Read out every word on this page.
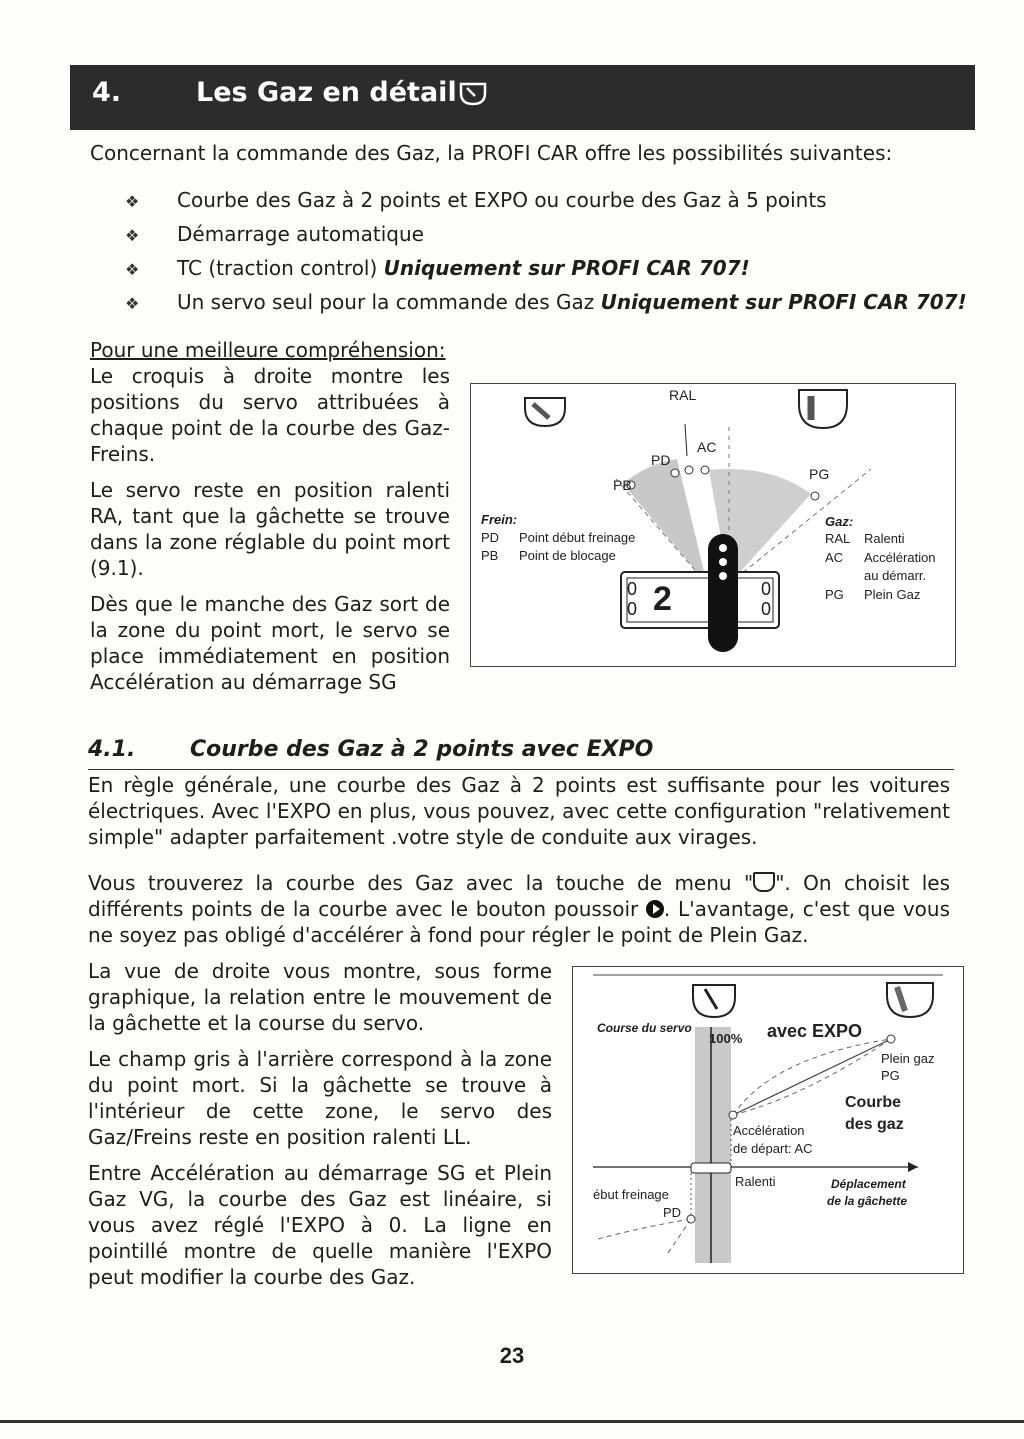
4.	Les Gaz en détail
Concernant la commande des Gaz, la PROFI CAR offre les possibilités suivantes:
❖ Courbe des Gaz à 2 points et EXPO ou courbe des Gaz à 5 points
❖ Démarrage automatique
❖ TC (traction control) Uniquement sur PROFI CAR 707!
❖ Un servo seul pour la commande des Gaz Uniquement sur PROFI CAR 707!
Pour une meilleure compréhension:
Le croquis à droite montre les positions du servo attribuées à chaque point de la courbe des Gaz-Freins.
Le servo reste en position ralenti RA, tant que la gâchette se trouve dans la zone réglable du point mort (9.1).
Dès que le manche des Gaz sort de la zone du point mort, le servo se place immédiatement en position Accélération au démarrage SG
RAL
AC
PD
PB
PG
Frein:
PD Point début freinage
PB Point de blocage
Gaz:
RAL Ralenti
AC Accélération
au démarr.
PG Plein Gaz
2
0
0
0
0
4.1. Courbe des Gaz à 2 points avec EXPO
En règle générale, une courbe des Gaz à 2 points est suffisante pour les voitures électriques. Avec l'EXPO en plus, vous pouvez, avec cette configuration "relativement simple" adapter parfaitement .votre style de conduite aux virages.
Vous trouverez la courbe des Gaz avec la touche de menu " ". On choisit les différents points de la courbe avec le bouton poussoir . L'avantage, c'est que vous ne soyez pas obligé d'accélérer à fond pour régler le point de Plein Gaz.
La vue de droite vous montre, sous forme graphique, la relation entre le mouvement de la gâchette et la course du servo.
Le champ gris à l'arrière correspond à la zone du point mort. Si la gâchette se trouve à l'intérieur de cette zone, le servo des Gaz/Freins reste en position ralenti LL.
Entre Accélération au démarrage SG et Plein Gaz VG, la courbe des Gaz est linéaire, si vous avez réglé l'EXPO à 0. La ligne en pointillé montre de quelle manière l'EXPO peut modifier la courbe des Gaz.
Course du servo
100% avec EXPO
Plein gaz
PG
Courbe
des gaz
Accélération
de départ: AC
Ralenti	Déplacement
de la gâchette
ébut freinage
PD
23
